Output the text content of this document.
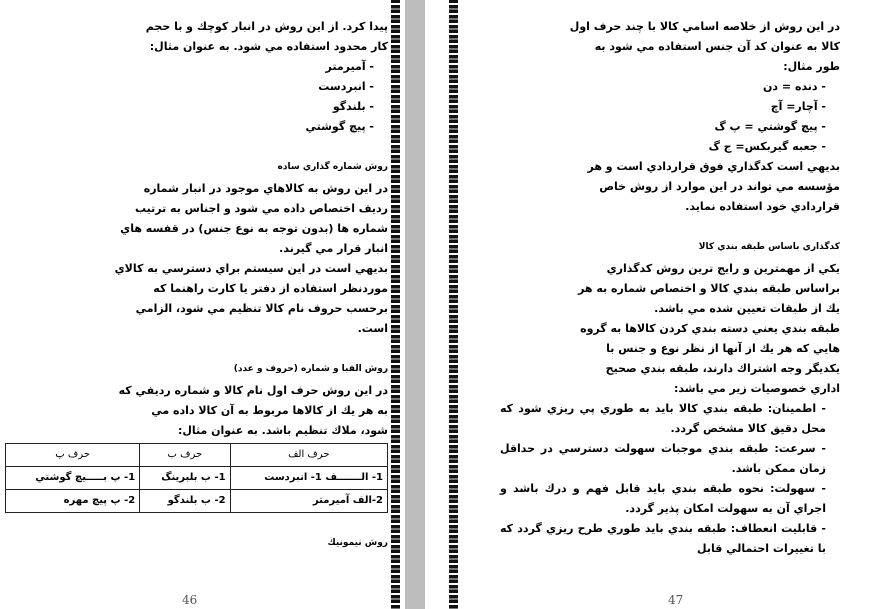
پيدا كرد. از اين روش در انبار كوچك و با حجم

كار محدود استفاده مي شود. به عنوان مثال:

- آميرمتر
- انبردست
- بلندگو
- پيچ گوشتي
روش شماره گذاري ساده

در اين روش به كالاهاي موجود در انبار شماره

رديف اختصاص داده مي شود و اجناس به ترتيب

شماره ها (بدون توجه به نوع جنس) در قفسه هاي

انبار قرار مي گيرند.

بديهي است در اين سيستم براي دسترسي به كالاي

موردنظر استفاده از دفتر يا كارت راهنما كه

برحسب حروف نام كالا تنظيم مي شود، الزامي

است.

روش الفبا و شماره (حروف و عدد)

در اين روش حرف اول نام كالا و شماره رديفي كه

به هر يك از كالاها مربوط به آن كالا داده مي

شود، ملاك تنظيم باشد. به عنوان مثال:

حرف الف	حرف ب	حرف پ
1- الـــــــف 1- انبردست	1- ب بلبرينگ	1- پ بـــــيچ گوشتي
2-الف آميرمتر	2- ب بلندگو	2- پ پيچ مهره
روش نيمونيك
46

در اين روش از خلاصه اسامي كالا با چند حرف اول

كالا به عنوان كد آن جنس استفاده مي شود به

طور مثال:

- دنده = دن
- آچار= آچ
- پيچ گوشتي = پ گ
- جعبه گيربكس= ج گ

بديهي است كدگذاري فوق قراردادي است و هر

مؤسسه مي تواند در اين موارد از روش خاص

قراردادي خود استفاده نمايد.

كدگذاري باساس طبقه بندي كالا

يكي از مهمترين و رايج ترين روش كدگذاري

براساس طبقه بندي كالا و اختصاص شماره به هر

يك از طبقات تعيين شده مي باشد.

طبقه بندي يعني دسته بندي كردن كالاها به گروه

هايي كه هر يك از آنها از نظر نوع و جنس با

يكديگر وجه اشتراك دارند، طبقه بندي صحيح

اداري خصوصيات زير مي باشد:

- اطمينان: طبقه بندي كالا بايد به طوري پي ريزي شود كه محل دقيق كالا مشخص گردد.
- سرعت: طبقه بندي موجبات سهولت دسترسي در حداقل زمان ممكن باشد.
- سهولت: نحوه طبقه بندي بايد قابل فهم و درك باشد و اجراي آن به سهولت امكان پذير گردد.
- قابليت انعطاف: طبقه بندي بايد طوري طرح ريزي گردد كه با تغييرات احتمالي قابل
47
